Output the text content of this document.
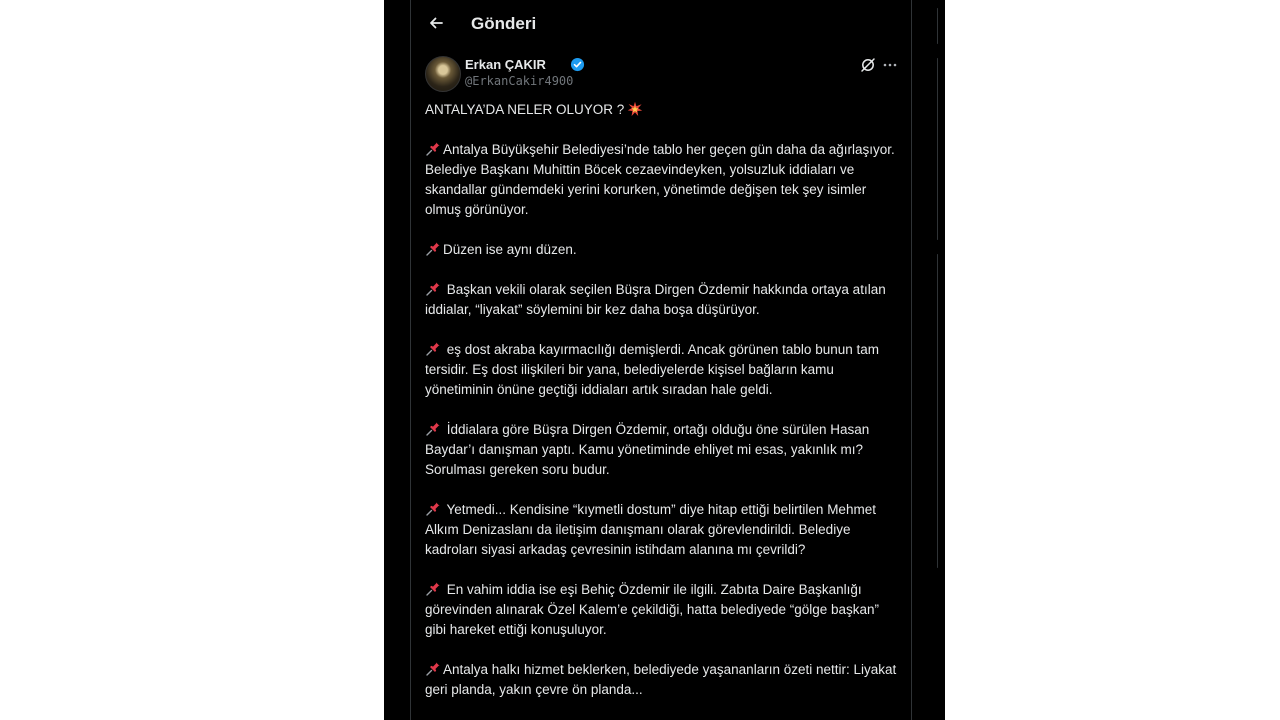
Gönderi
Erkan ÇAKIR
@ErkanCakir4900

ANTALYA’DA NELER OLUYOR ?

Antalya Büyükşehir Belediyesi’nde tablo her geçen gün daha da ağırlaşıyor. Belediye Başkanı Muhittin Böcek cezaevindeyken, yolsuzluk iddiaları ve skandallar gündemdeki yerini korurken, yönetimde değişen tek şey isimler olmuş görünüyor.

Düzen ise aynı düzen.

Başkan vekili olarak seçilen Büşra Dirgen Özdemir hakkında ortaya atılan iddialar, “liyakat” söylemini bir kez daha boşa düşürüyor.

eş dost akraba kayırmacılığı demişlerdi. Ancak görünen tablo bunun tam tersidir. Eş dost ilişkileri bir yana, belediyelerde kişisel bağların kamu yönetiminin önüne geçtiği iddiaları artık sıradan hale geldi.

İddialara göre Büşra Dirgen Özdemir, ortağı olduğu öne sürülen Hasan Baydar’ı danışman yaptı. Kamu yönetiminde ehliyet mi esas, yakınlık mı? Sorulması gereken soru budur.

Yetmedi... Kendisine “kıymetli dostum” diye hitap ettiği belirtilen Mehmet Alkım Denizaslanı da iletişim danışmanı olarak görevlendirildi. Belediye kadroları siyasi arkadaş çevresinin istihdam alanına mı çevrildi?

En vahim iddia ise eşi Behiç Özdemir ile ilgili. Zabıta Daire Başkanlığı görevinden alınarak Özel Kalem’e çekildiği, hatta belediyede “gölge başkan” gibi hareket ettiği konuşuluyor.

Antalya halkı hizmet beklerken, belediyede yaşananların özeti nettir: Liyakat geri planda, yakın çevre ön planda...
